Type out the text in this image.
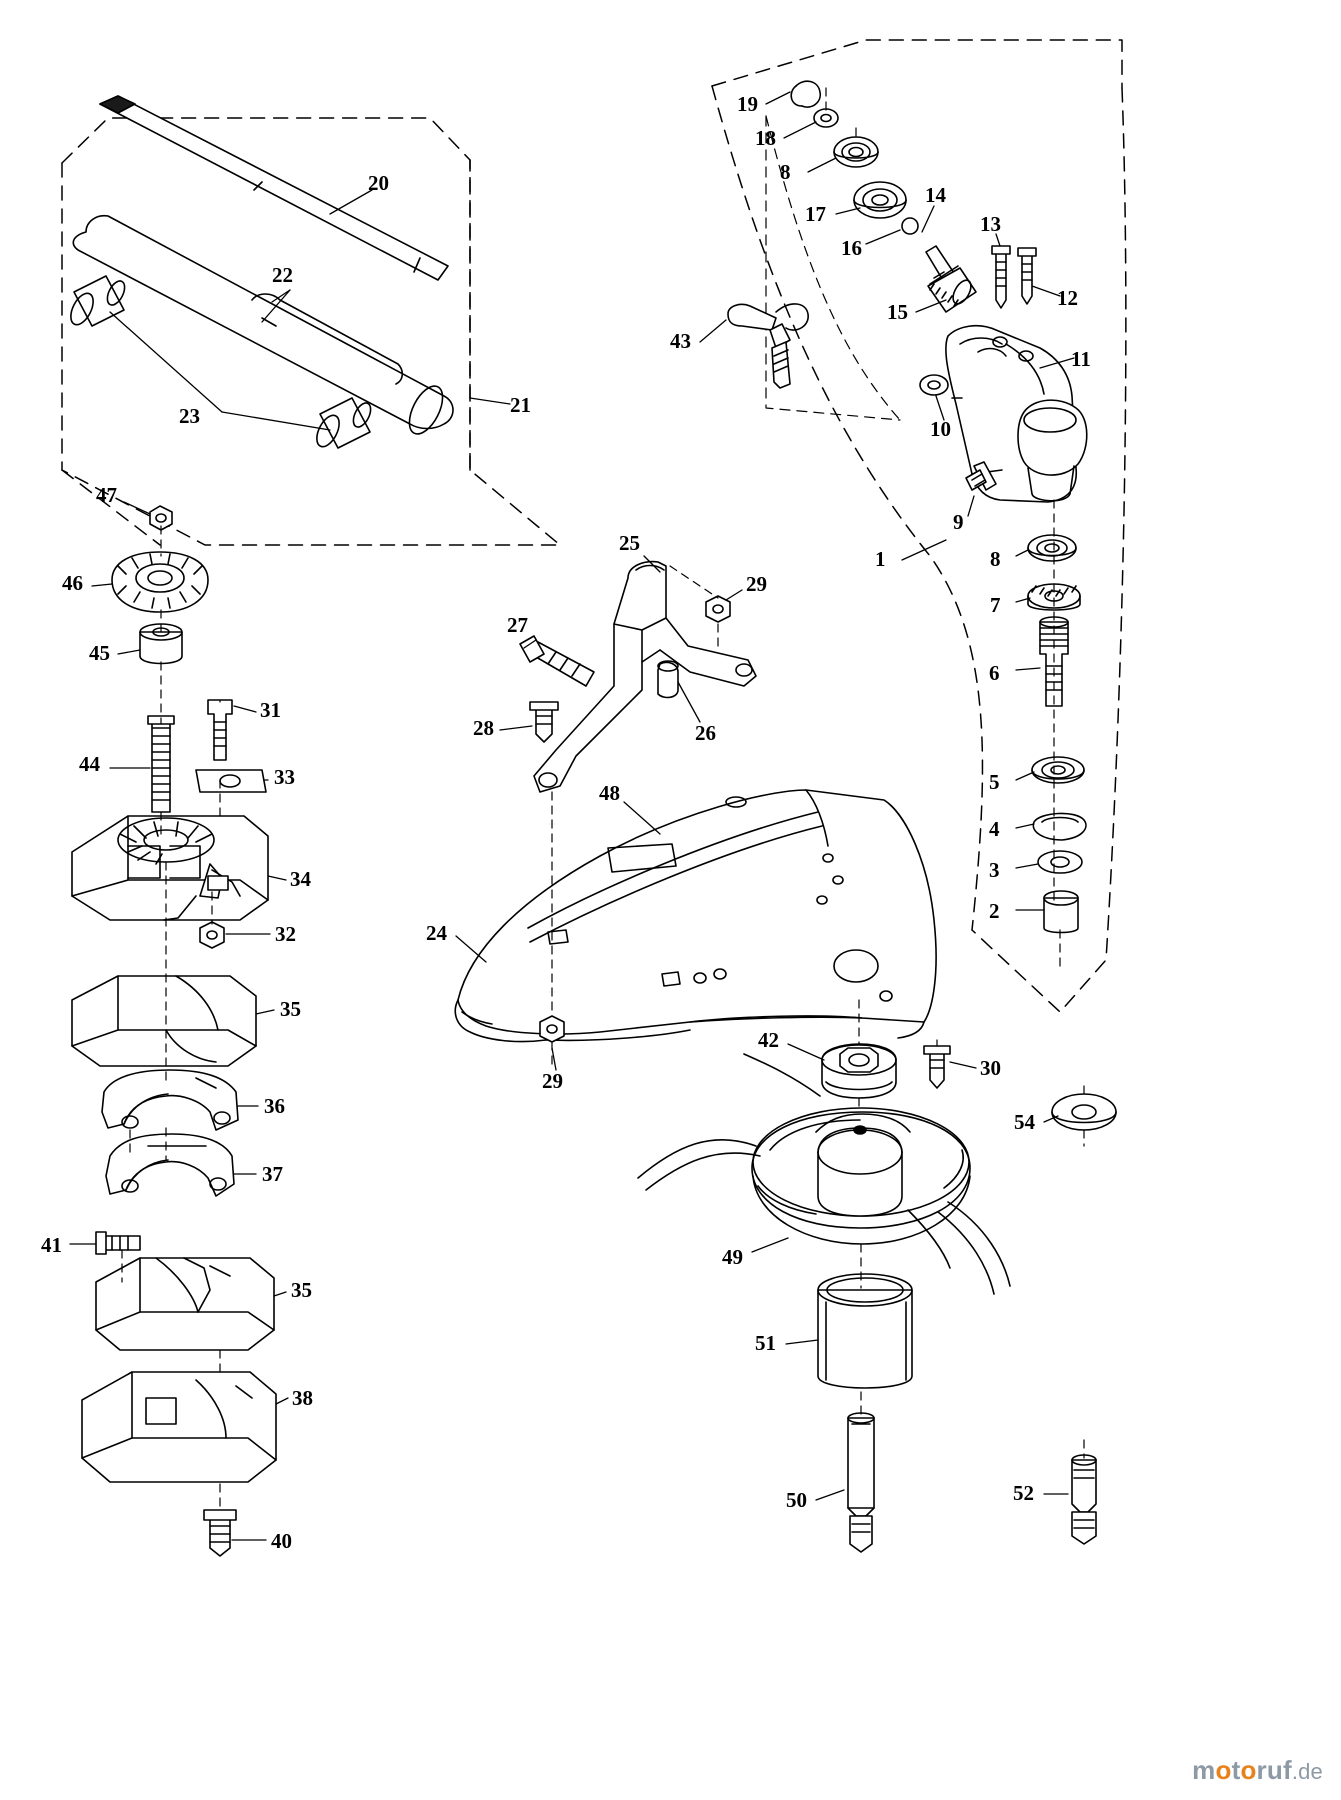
20
22
23	21
19
18
8
17
16
14
13
12
15
11
43
10
9
1	8
7
6
5
4
3
2
47
46
45
44
31
33
34
32
35
36
37
41
35
38
40
25
29
27
28	26
48
24
29
42
30
54
49
51
50	52
motoruf.de
